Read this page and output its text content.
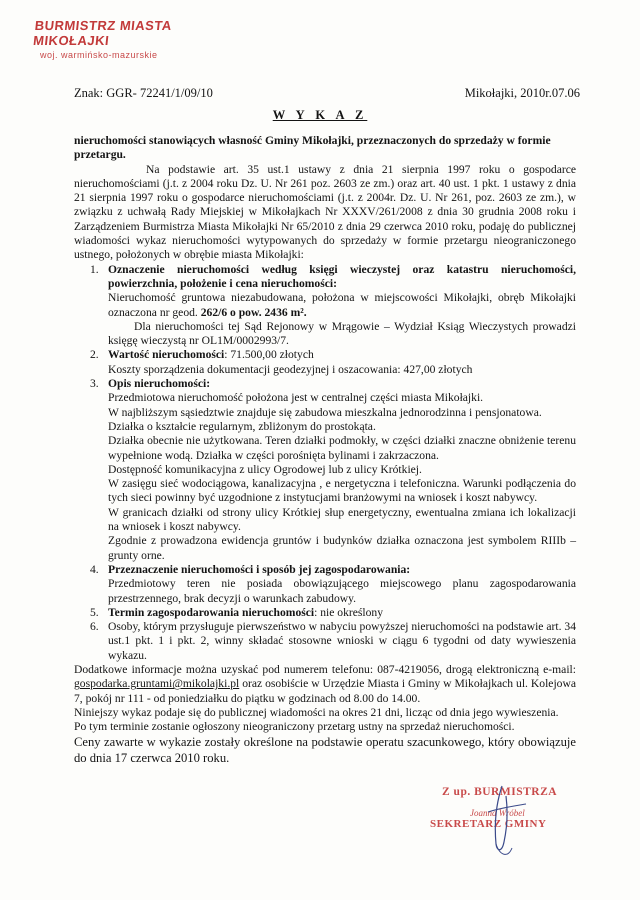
BURMISTRZ MIASTA MIKOŁAJKI
woj. warmińsko-mazurskie
Znak: GGR- 72241/1/09/10	Mikołajki, 2010r.07.06
W Y K A Z
nieruchomości stanowiących własność Gminy Mikołajki, przeznaczonych do sprzedaży w formie przetargu.
Na podstawie art. 35 ust.1 ustawy z dnia 21 sierpnia 1997 roku o gospodarce nieruchomościami (j.t. z 2004 roku Dz. U. Nr 261 poz. 2603 ze zm.) oraz art. 40 ust. 1 pkt. 1 ustawy z dnia 21 sierpnia 1997 roku o gospodarce nieruchomościami (j.t. z 2004r. Dz. U. Nr 261, poz. 2603 ze zm.), w związku z uchwałą Rady Miejskiej w Mikołajkach Nr XXXV/261/2008 z dnia 30 grudnia 2008 roku i Zarządzeniem Burmistrza Miasta Mikołajki Nr 65/2010 z dnia 29 czerwca 2010 roku, podaję do publicznej wiadomości wykaz nieruchomości wytypowanych do sprzedaży w formie przetargu nieograniczonego ustnego, położonych w obrębie miasta Mikołajki:
1. Oznaczenie nieruchomości według księgi wieczystej oraz katastru nieruchomości, powierzchnia, położenie i cena nieruchomości:
Nieruchomość gruntowa niezabudowana, położona w miejscowości Mikołajki, obręb Mikołajki oznaczona nr geod. 262/6 o pow. 2436 m².
Dla nieruchomości tej Sąd Rejonowy w Mrągowie – Wydział Ksiąg Wieczystych prowadzi księgę wieczystą nr OL1M/0002993/7.
2. Wartość nieruchomości: 71.500,00 złotych
Koszty sporządzenia dokumentacji geodezyjnej i oszacowania: 427,00 złotych
3. Opis nieruchomości:
Przedmiotowa nieruchomość położona jest w centralnej części miasta Mikołajki.
W najbliższym sąsiedztwie znajduje się zabudowa mieszkalna jednorodzinna i pensjonatowa.
Działka o kształcie regularnym, zbliżonym do prostokąta.
Działka obecnie nie użytkowana. Teren działki podmokły, w części działki znaczne obniżenie terenu wypełnione wodą. Działka w części porośnięta bylinami i zakrzaczona.
Dostępność komunikacyjna z ulicy Ogrodowej lub z ulicy Krótkiej.
W zasięgu sieć wodociągowa, kanalizacyjna , e nergetyczna i telefoniczna. Warunki podłączenia do tych sieci powinny być uzgodnione z instytucjami branżowymi na wniosek i koszt nabywcy.
W granicach działki od strony ulicy Krótkiej słup energetyczny, ewentualna zmiana ich lokalizacji na wniosek i koszt nabywcy.
Zgodnie z prowadzona ewidencja gruntów i budynków działka oznaczona jest symbolem RIIIb – grunty orne.
4. Przeznaczenie nieruchomości i sposób jej zagospodarowania:
Przedmiotowy teren nie posiada obowiązującego miejscowego planu zagospodarowania przestrzennego, brak decyzji o warunkach zabudowy.
5. Termin zagospodarowania nieruchomości: nie określony
6. Osoby, którym przysługuje pierwszeństwo w nabyciu powyższej nieruchomości na podstawie art. 34 ust.1 pkt. 1 i pkt. 2, winny składać stosowne wnioski w ciągu 6 tygodni od daty wywieszenia wykazu.
Dodatkowe informacje można uzyskać pod numerem telefonu: 087-4219056, drogą elektroniczną e-mail: gospodarka.gruntami@mikolajki.pl oraz osobiście w Urzędzie Miasta i Gminy w Mikołajkach ul. Kolejowa 7, pokój nr 111 - od poniedziałku do piątku w godzinach od 8.00 do 14.00.
Niniejszy wykaz podaje się do publicznej wiadomości na okres 21 dni, licząc od dnia jego wywieszenia.
Po tym terminie zostanie ogłoszony nieograniczony przetarg ustny na sprzedaż nieruchomości.
Ceny zawarte w wykazie zostały określone na podstawie operatu szacunkowego, który obowiązuje do dnia 17 czerwca 2010 roku.
Z up. BURMISTRZA
Joanna Wróbel
SEKRETARZ GMINY
